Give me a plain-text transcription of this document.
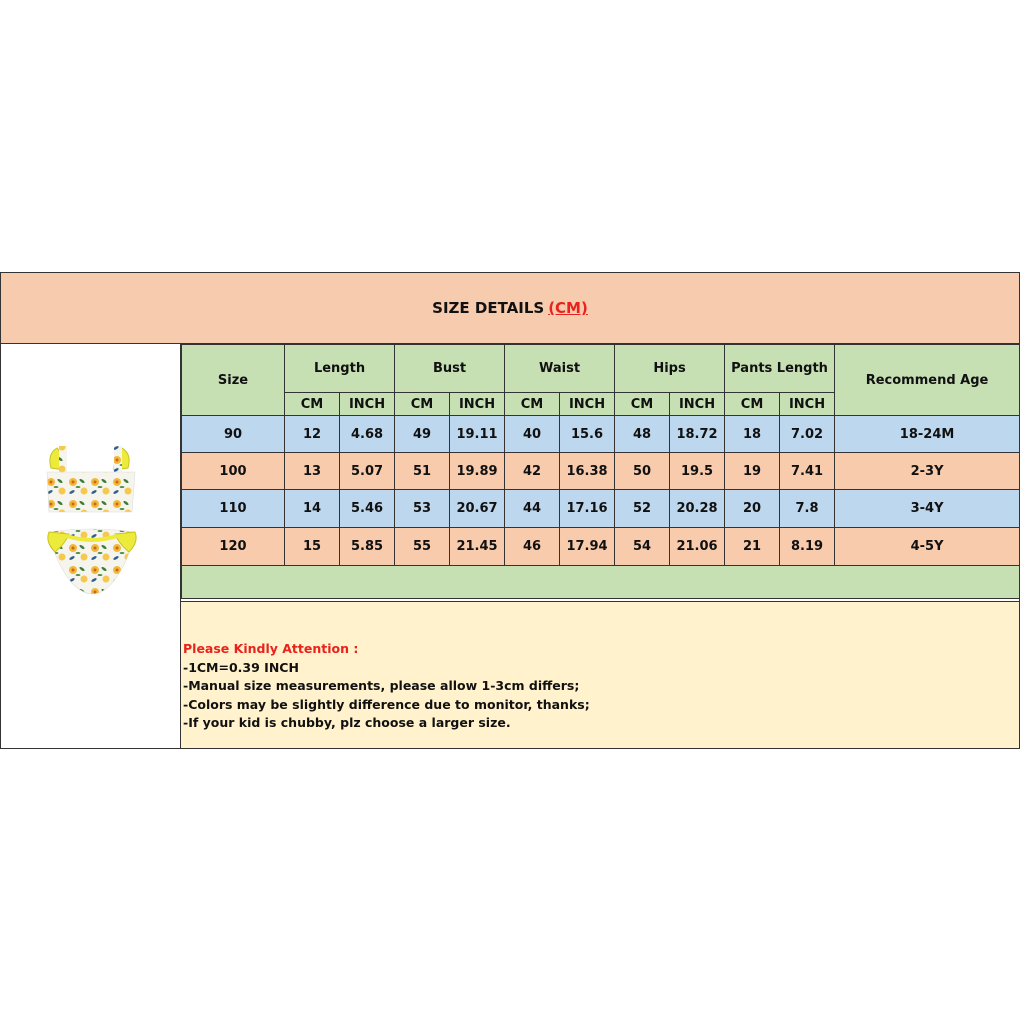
SIZE DETAILS (CM)
Size	Length		Bust		Waist		Hips		Pants Length		Recommend Age
	CM	INCH	CM	INCH	CM	INCH	CM	INCH	CM	INCH	
90	12	4.68	49	19.11	40	15.6	48	18.72	18	7.02	18-24M
100	13	5.07	51	19.89	42	16.38	50	19.5	19	7.41	2-3Y
110	14	5.46	53	20.67	44	17.16	52	20.28	20	7.8	3-4Y
120	15	5.85	55	21.45	46	17.94	54	21.06	21	8.19	4-5Y

Please Kindly Attention :
-1CM=0.39 INCH
-Manual size measurements, please allow 1-3cm differs;
-Colors may be slightly difference due to monitor, thanks;
-If your kid is chubby, plz choose a larger size.
